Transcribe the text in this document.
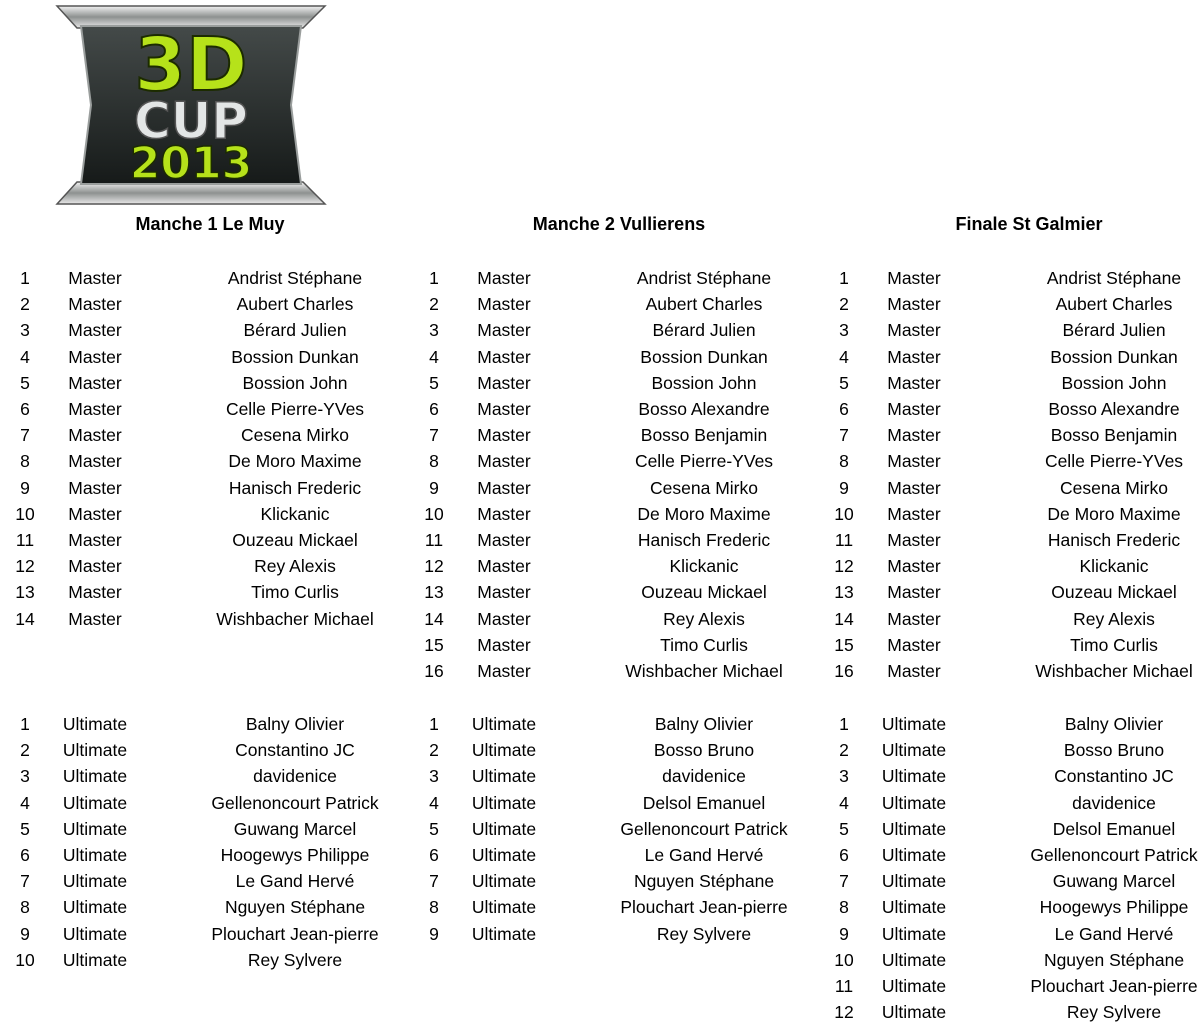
3D
CUP
2013
Manche 1 Le Muy
1	Master	Andrist Stéphane
2	Master	Aubert Charles
3	Master	Bérard Julien
4	Master	Bossion Dunkan
5	Master	Bossion John
6	Master	Celle Pierre-YVes
7	Master	Cesena Mirko
8	Master	De Moro Maxime
9	Master	Hanisch Frederic
10	Master	Klickanic
11	Master	Ouzeau Mickael
12	Master	Rey Alexis
13	Master	Timo Curlis
14	Master	Wishbacher Michael
1	Ultimate	Balny Olivier
2	Ultimate	Constantino JC
3	Ultimate	davidenice
4	Ultimate	Gellenoncourt Patrick
5	Ultimate	Guwang Marcel
6	Ultimate	Hoogewys Philippe
7	Ultimate	Le Gand Hervé
8	Ultimate	Nguyen Stéphane
9	Ultimate	Plouchart Jean-pierre
10	Ultimate	Rey Sylvere
Manche 2 Vullierens
1	Master	Andrist Stéphane
2	Master	Aubert Charles
3	Master	Bérard Julien
4	Master	Bossion Dunkan
5	Master	Bossion John
6	Master	Bosso Alexandre
7	Master	Bosso Benjamin
8	Master	Celle Pierre-YVes
9	Master	Cesena Mirko
10	Master	De Moro Maxime
11	Master	Hanisch Frederic
12	Master	Klickanic
13	Master	Ouzeau Mickael
14	Master	Rey Alexis
15	Master	Timo Curlis
16	Master	Wishbacher Michael
1	Ultimate	Balny Olivier
2	Ultimate	Bosso Bruno
3	Ultimate	davidenice
4	Ultimate	Delsol Emanuel
5	Ultimate	Gellenoncourt Patrick
6	Ultimate	Le Gand Hervé
7	Ultimate	Nguyen Stéphane
8	Ultimate	Plouchart Jean-pierre
9	Ultimate	Rey Sylvere
Finale St Galmier
1	Master	Andrist Stéphane
2	Master	Aubert Charles
3	Master	Bérard Julien
4	Master	Bossion Dunkan
5	Master	Bossion John
6	Master	Bosso Alexandre
7	Master	Bosso Benjamin
8	Master	Celle Pierre-YVes
9	Master	Cesena Mirko
10	Master	De Moro Maxime
11	Master	Hanisch Frederic
12	Master	Klickanic
13	Master	Ouzeau Mickael
14	Master	Rey Alexis
15	Master	Timo Curlis
16	Master	Wishbacher Michael
1	Ultimate	Balny Olivier
2	Ultimate	Bosso Bruno
3	Ultimate	Constantino JC
4	Ultimate	davidenice
5	Ultimate	Delsol Emanuel
6	Ultimate	Gellenoncourt Patrick
7	Ultimate	Guwang Marcel
8	Ultimate	Hoogewys Philippe
9	Ultimate	Le Gand Hervé
10	Ultimate	Nguyen Stéphane
11	Ultimate	Plouchart Jean-pierre
12	Ultimate	Rey Sylvere
